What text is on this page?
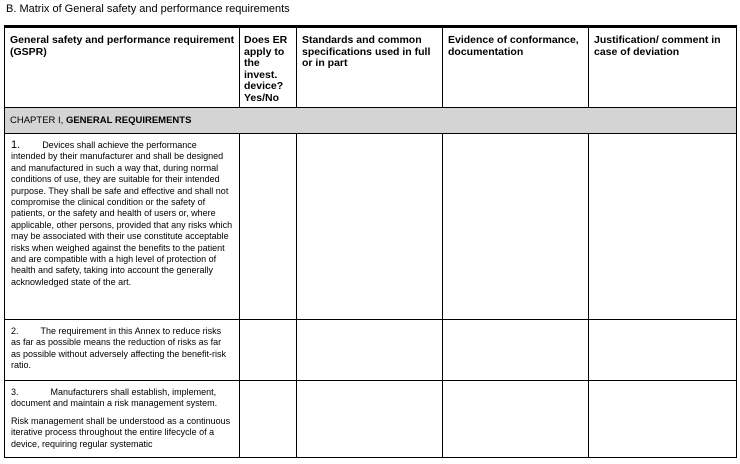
B. Matrix of General safety and performance requirements
General safety and performance requirement (GSPR)	Does ER apply to the invest. device? Yes/No	Standards and common specifications used in full or in part	Evidence of conformance, documentation	Justification/ comment in case of deviation
CHAPTER I, GENERAL REQUIREMENTS				
1. Devices shall achieve the performance intended by their manufacturer and shall be designed and manufactured in such a way that, during normal conditions of use, they are suitable for their intended purpose. They shall be safe and effective and shall not compromise the clinical condition or the safety of patients, or the safety and health of users or, where applicable, other persons, provided that any risks which may be associated with their use constitute acceptable risks when weighed against the benefits to the patient and are compatible with a high level of protection of health and safety, taking into account the generally acknowledged state of the art.				
2. The requirement in this Annex to reduce risks as far as possible means the reduction of risks as far as possible without adversely affecting the benefit-risk ratio.				
3. Manufacturers shall establish, implement, document and maintain a risk management system.
Risk management shall be understood as a continuous iterative process throughout the entire lifecycle of a device, requiring regular systematic				
